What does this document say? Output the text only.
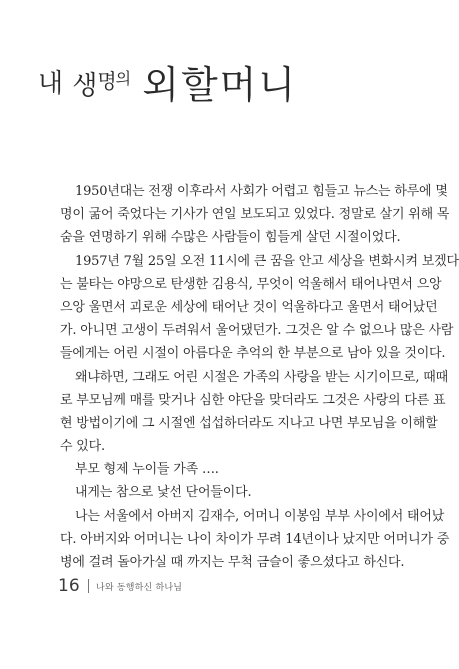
내 생명의 외할머니
1950년대는 전쟁 이후라서 사회가 어렵고 힘들고 뉴스는 하루에 몇
명이 굶어 죽었다는 기사가 연일 보도되고 있었다. 정말로 살기 위해 목
숨을 연명하기 위해 수많은 사람들이 힘들게 살던 시절이었다.
1957년 7월 25일 오전 11시에 큰 꿈을 안고 세상을 변화시켜 보겠다
는 불타는 야망으로 탄생한 김용식, 무엇이 억울해서 태어나면서 으앙
으앙 울면서 괴로운 세상에 태어난 것이 억울하다고 울면서 태어났던
가. 아니면 고생이 두려워서 울어댔던가. 그것은 알 수 없으나 많은 사람
들에게는 어린 시절이 아름다운 추억의 한 부분으로 남아 있을 것이다.
왜냐하면, 그래도 어린 시절은 가족의 사랑을 받는 시기이므로, 때때
로 부모님께 매를 맞거나 심한 야단을 맞더라도 그것은 사랑의 다른 표
현 방법이기에 그 시절엔 섭섭하더라도 지나고 나면 부모님을 이해할
수 있다.
부모 형제 누이들 가족 ….
내게는 참으로 낯선 단어들이다.
나는 서울에서 아버지 김재수, 어머니 이봉임 부부 사이에서 태어났
다. 아버지와 어머니는 나이 차이가 무려 14년이나 났지만 어머니가 중
병에 걸려 돌아가실 때 까지는 무척 금슬이 좋으셨다고 하신다.
16	나와 동행하신 하나님
